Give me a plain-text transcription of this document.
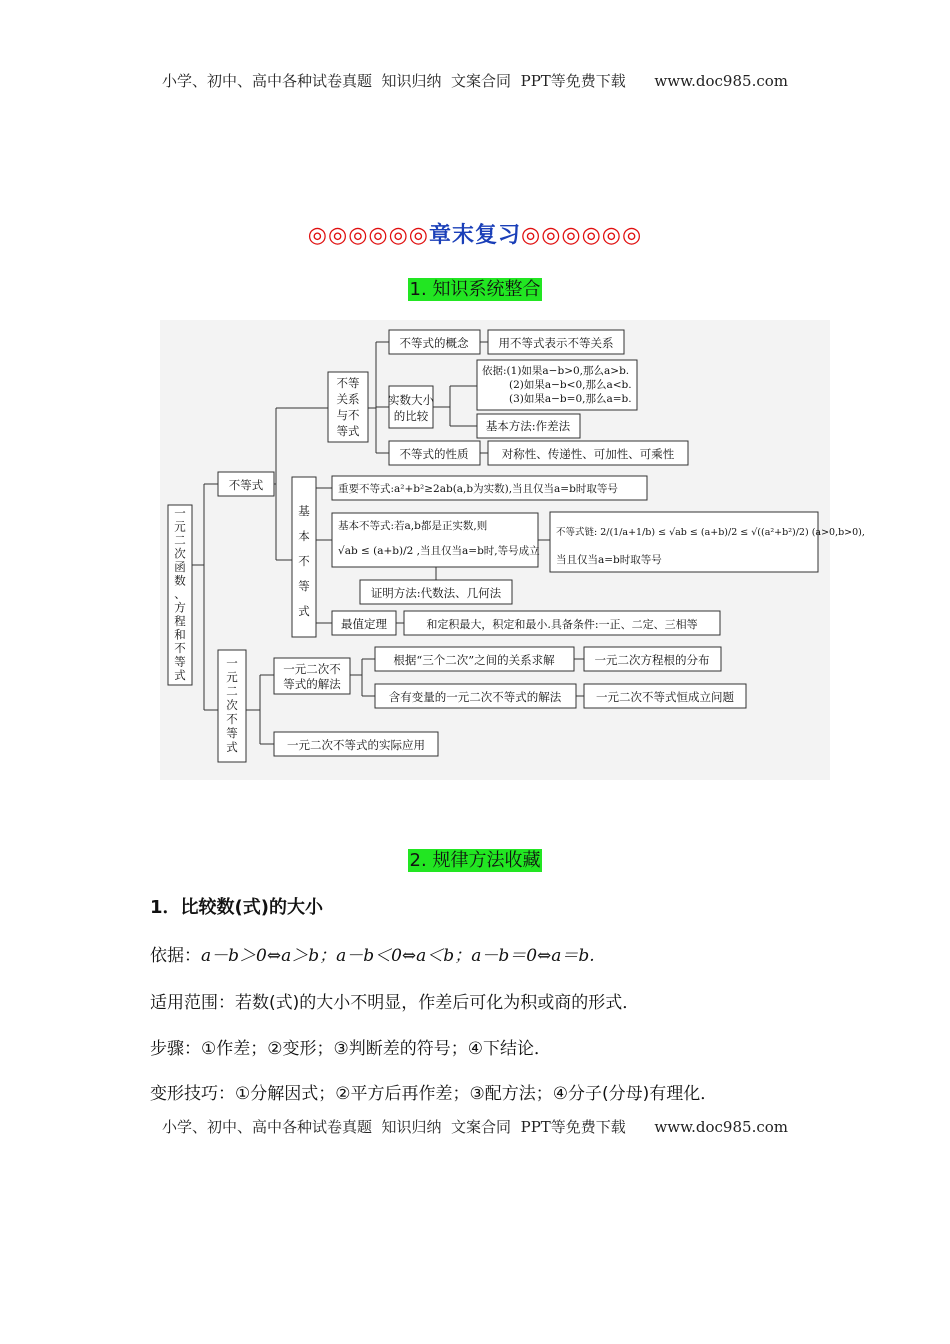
小学、初中、高中各种试卷真题  知识归纳  文案合同  PPT等免费下载      www.doc985.com
◎◎◎◎◎◎章末复习◎◎◎◎◎◎
1. 知识系统整合
一元二次函数、方程和不等式
不等式
不等
关系
与不
等式
不等式的概念	用不等式表示不等关系
实数大小
的比较
依据:(1)如果a−b>0,那么a>b.
(2)如果a−b<0,那么a<b.
(3)如果a−b=0,那么a=b.
基本方法:作差法
不等式的性质	对称性、传递性、可加性、可乘性
基
本
不
等
式
重要不等式:a²+b²≥2ab(a,b为实数),当且仅当a=b时取等号
基本不等式:若a,b都是正实数,则
√ab ≤ (a+b)/2 ,当且仅当a=b时,等号成立
不等式链: 2/(1/a+1/b) ≤ √ab ≤ (a+b)/2 ≤ √((a²+b²)/2) (a>0,b>0),
当且仅当a=b时取等号
证明方法:代数法、几何法
最值定理	和定积最大，积定和最小.具备条件:一正、二定、三相等
一
元
二
次
不
等
式
一元二次不
等式的解法
根据“三个二次”之间的关系求解	一元二次方程根的分布
含有变量的一元二次不等式的解法	一元二次不等式恒成立问题
一元二次不等式的实际应用
2. 规律方法收藏
1．比较数(式)的大小
依据：a－b＞0⇔a＞b；a－b＜0⇔a＜b；a－b＝0⇔a＝b.
适用范围：若数(式)的大小不明显，作差后可化为积或商的形式．
步骤：①作差；②变形；③判断差的符号；④下结论．
变形技巧：①分解因式；②平方后再作差；③配方法；④分子(分母)有理化．
小学、初中、高中各种试卷真题  知识归纳  文案合同  PPT等免费下载      www.doc985.com
